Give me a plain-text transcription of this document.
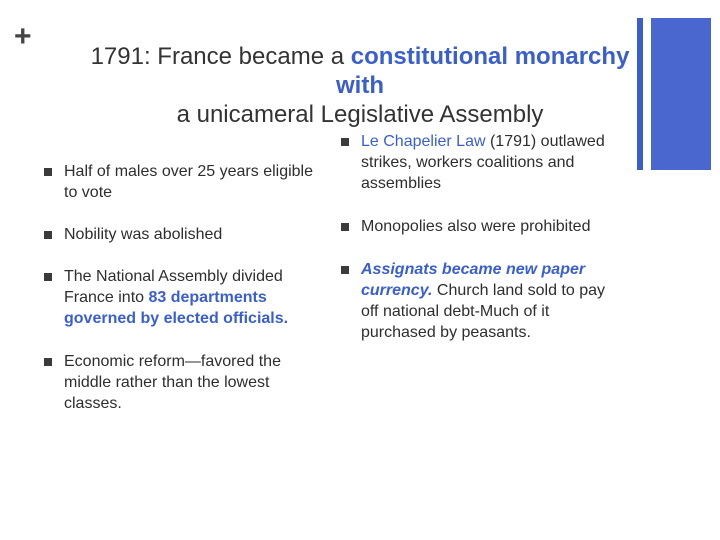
+
1791: France became a constitutional monarchy
with
a unicameral Legislative Assembly
Half of males over 25 years eligible to vote
Nobility was abolished
The National Assembly divided France into 83 departments governed by elected officials.
Economic reform—favored the middle rather than the lowest classes.
Le Chapelier Law (1791) outlawed strikes, workers coalitions and assemblies
Monopolies also were prohibited
Assignats became new paper currency. Church land sold to pay off national debt-Much of it purchased by peasants.
